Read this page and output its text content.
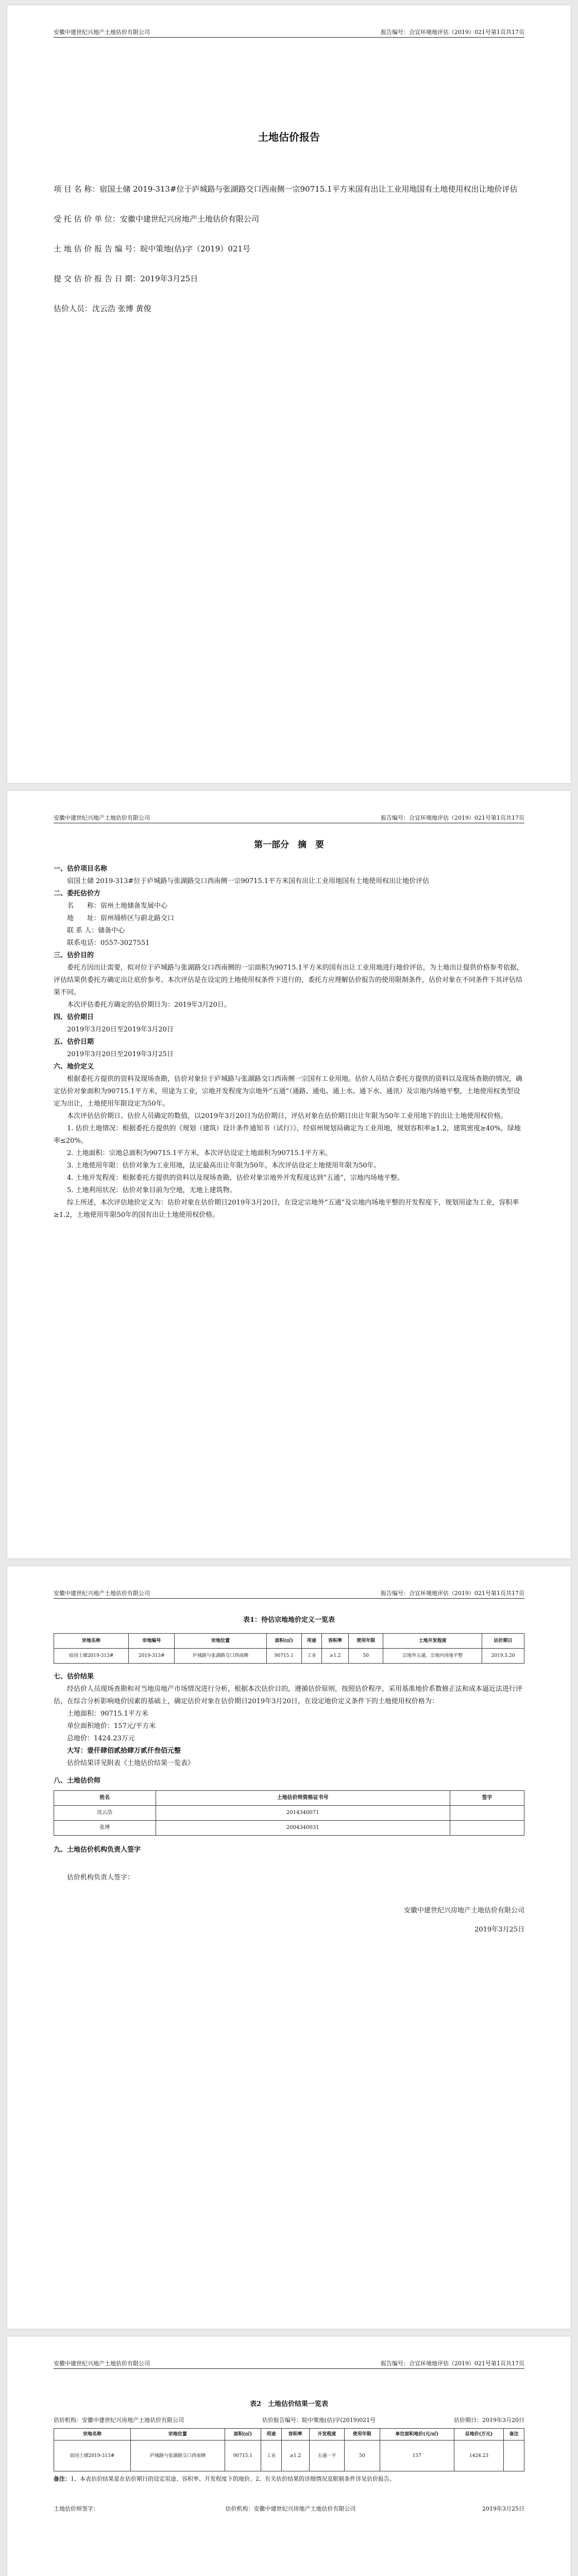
安徽中建世纪兴地产土地估价有限公司	报告编号：合宜环境地评估（2019）021号第1页共17页
土地估价报告

项 目 名 称：宿国土储 2019-313#位于庐城路与张湖路交口西南侧一宗90715.1平方米国有出让工业用地国有土地使用权出让地价评估

受 托 估 价 单 位：安徽中建世纪兴房地产土地估价有限公司

土 地 估 价 报 告 编 号：皖中策地(估)字（2019）021号

提 交 估 价 报 告 日 期：2019年3月25日

估价人员：沈云浩 张博 黄俊

安徽中建世纪兴地产土地估价有限公司	报告编号：合宜环境地评估（2019）021号第1页共17页
第一部分　摘　要

一、估价项目名称

宿国土储 2019-313#位于庐城路与张湖路交口西南侧一宗90715.1平方米国有出让工业用地国有土地使用权出让地价评估

二、委托估价方

名　　称：宿州土地储备发展中心

地　　址：宿州埇桥区与蔚北路交口

联 系 人：储备中心

联系电话：0557-3027551

三、估价目的

委托方因出让需要，拟对位于庐城路与张湖路交口西南侧的一宗面积为90715.1平方米的国有出让工业用地进行地价评估，为土地出让提供价格参考依据，评估结果供委托方确定出让底价参考。本次评估是在设定的土地使用权条件下进行的，委托方应理解估价报告的使用限制条件，估价对象在不同条件下其评估结果不同。

本次评估委托方确定的估价期日为：2019年3月20日。

四、估价期日

2019年3月20日至2019年3月20日

五、估价日期

2019年3月20日至2019年3月25日

六、地价定义

根据委托方提供的资料及现场查勘，估价对象位于庐城路与张湖路交口西南侧一宗国有工业用地。估价人员结合委托方提供的资料以及现场查勘的情况，确定估价对象面积为90715.1平方米，用途为工业，宗地开发程度为宗地外“五通”（通路、通电、通上水、通下水、通讯）及宗地内场地平整，土地使用权类型设定为出让，土地使用年限设定为50年。

本次评估估价期日、估价人员确定的数值，以2019年3月20日为估价期日，评估对象在估价期日出让年限为50年工业用地下的出让土地使用权价格。

1. 估价土地情况：根据委托方提供的《规划（建筑）设计条件通知书（试行）》，经宿州规划局确定为工业用地，规划容积率≥1.2，建筑密度≥40%，绿地率≤20%。

2. 土地面积：宗地总面积为90715.1平方米，本次评估设定土地面积为90715.1平方米。

3. 土地使用年限：估价对象为工业用地，法定最高出让年限为50年，本次评估设定土地使用年限为50年。

4. 土地开发程度：根据委托方提供的资料以及现场查勘，估价对象宗地外开发程度达到“五通”，宗地内场地平整。

5. 土地利用状况：估价对象目前为空地，无地上建筑物。

综上所述，本次评估地价定义为：估价对象在估价期日2019年3月20日，在设定宗地外“五通”及宗地内场地平整的开发程度下，规划用途为工业，容积率≥1.2，土地使用年限50年的国有出让土地使用权价格。

安徽中建世纪兴地产土地估价有限公司	报告编号：合宜环境地评估（2019）021号第1页共17页

表1：待估宗地地价定义一览表

宗地名称	宗地编号	宗地位置	面积(㎡)	用途	容积率	使用年限	土地开发程度	估价期日
宿国土储2019-313#	2019-313#	庐城路与张湖路交口西南侧	90715.1	工业	≥1.2	50	宗地外五通、宗地内场地平整	2019.3.20

七、估价结果

经估价人员现场查勘和对当地房地产市场情况进行分析，根据本次估价目的，遵循估价原则，按照估价程序，采用基准地价系数修正法和成本逼近法进行评估，在综合分析影响地价因素的基础上，确定估价对象在估价期日2019年3月20日，在设定地价定义条件下的土地使用权价格为：

土地面积：90715.1平方米

单位面积地价：157元/平方米

总地价：1424.23万元

大写：壹仟肆佰贰拾肆万贰仟叁佰元整

估价结果详见附表《土地估价结果一览表》

八、土地估价师

姓名	土地估价师资格证书号	签字
沈云浩	2014340071	
张博	2004340031	

九、土地估价机构负责人签字

估价机构负责人签字：

安徽中建世纪兴房地产土地估价有限公司

2019年3月25日

安徽中建世纪兴地产土地估价有限公司	报告编号：合宜环境地评估（2019）021号第1页共17页

表2　土地估价结果一览表

估价机构：安徽中建世纪兴房地产土地估价有限公司	估价报告编号：皖中策地(估)字(2019)021号	估价期日：2019年3月20日
宗地名称	宗地位置	面积(㎡)	用途	容积率	开发程度	使用年限	单位面积地价(元/㎡)	总地价(万元)	备注
宿国土储2019-313#	庐城路与张湖路交口西南侧	90715.1	工业	≥1.2	五通一平	50	157	1424.23	

备注：1、本表估价结果是在估价期日的设定用途、容积率、开发程度下的地价。2、有关估价结果的详细情况及限制条件详见估价报告。

土地估价师签字：	估价机构：安徽中建世纪兴房地产土地估价有限公司	2019年3月25日
